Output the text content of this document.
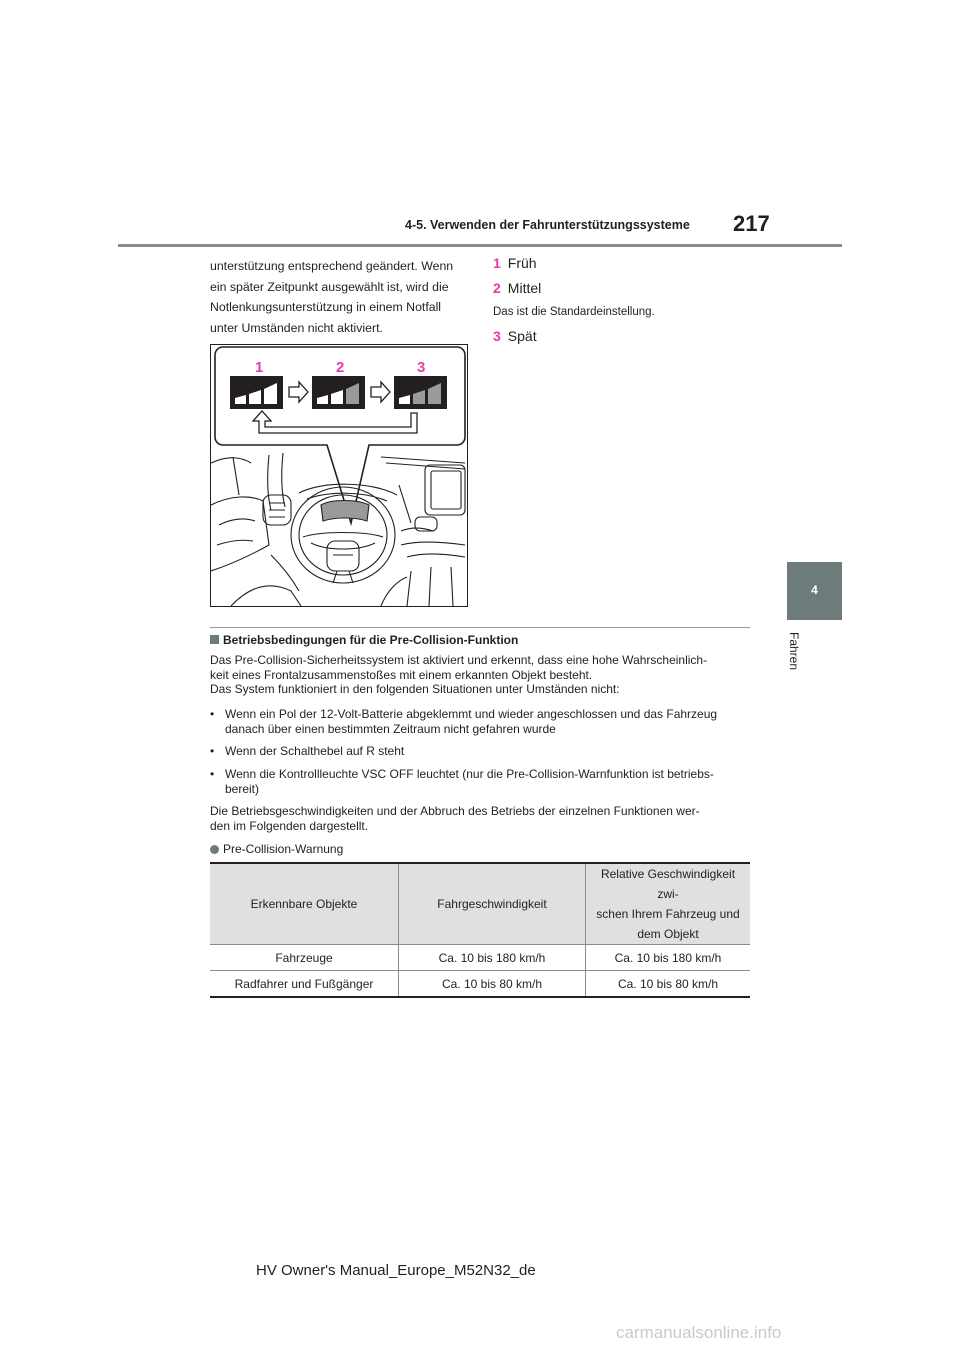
4-5. Verwenden der Fahrunterstützungssysteme 217
4
Fahren
unterstützung entsprechend geändert. Wenn
ein später Zeitpunkt ausgewählt ist, wird die
Notlenkungsunterstützung in einem Notfall
unter Umständen nicht aktiviert.
1 Früh
2 Mittel
Das ist die Standardeinstellung.
3 Spät
1	2	3
Betriebsbedingungen für die Pre-Collision-Funktion
Das Pre-Collision-Sicherheitssystem ist aktiviert und erkennt, dass eine hohe Wahrscheinlich-
keit eines Frontalzusammenstoßes mit einem erkannten Objekt besteht.
Das System funktioniert in den folgenden Situationen unter Umständen nicht:
• Wenn ein Pol der 12-Volt-Batterie abgeklemmt und wieder angeschlossen und das Fahrzeug
danach über einen bestimmten Zeitraum nicht gefahren wurde
• Wenn der Schalthebel auf R steht
• Wenn die Kontrollleuchte VSC OFF leuchtet (nur die Pre-Collision-Warnfunktion ist betriebs-
bereit)
Die Betriebsgeschwindigkeiten und der Abbruch des Betriebs der einzelnen Funktionen wer-
den im Folgenden dargestellt.
Pre-Collision-Warnung
Erkennbare Objekte	Fahrgeschwindigkeit	Relative Geschwindigkeit zwi-
schen Ihrem Fahrzeug und
dem Objekt

Fahrzeuge	Ca. 10 bis 180 km/h	Ca. 10 bis 180 km/h
Radfahrer und Fußgänger	Ca. 10 bis 80 km/h	Ca. 10 bis 80 km/h
HV Owner's Manual_Europe_M52N32_de
carmanualsonline.info
